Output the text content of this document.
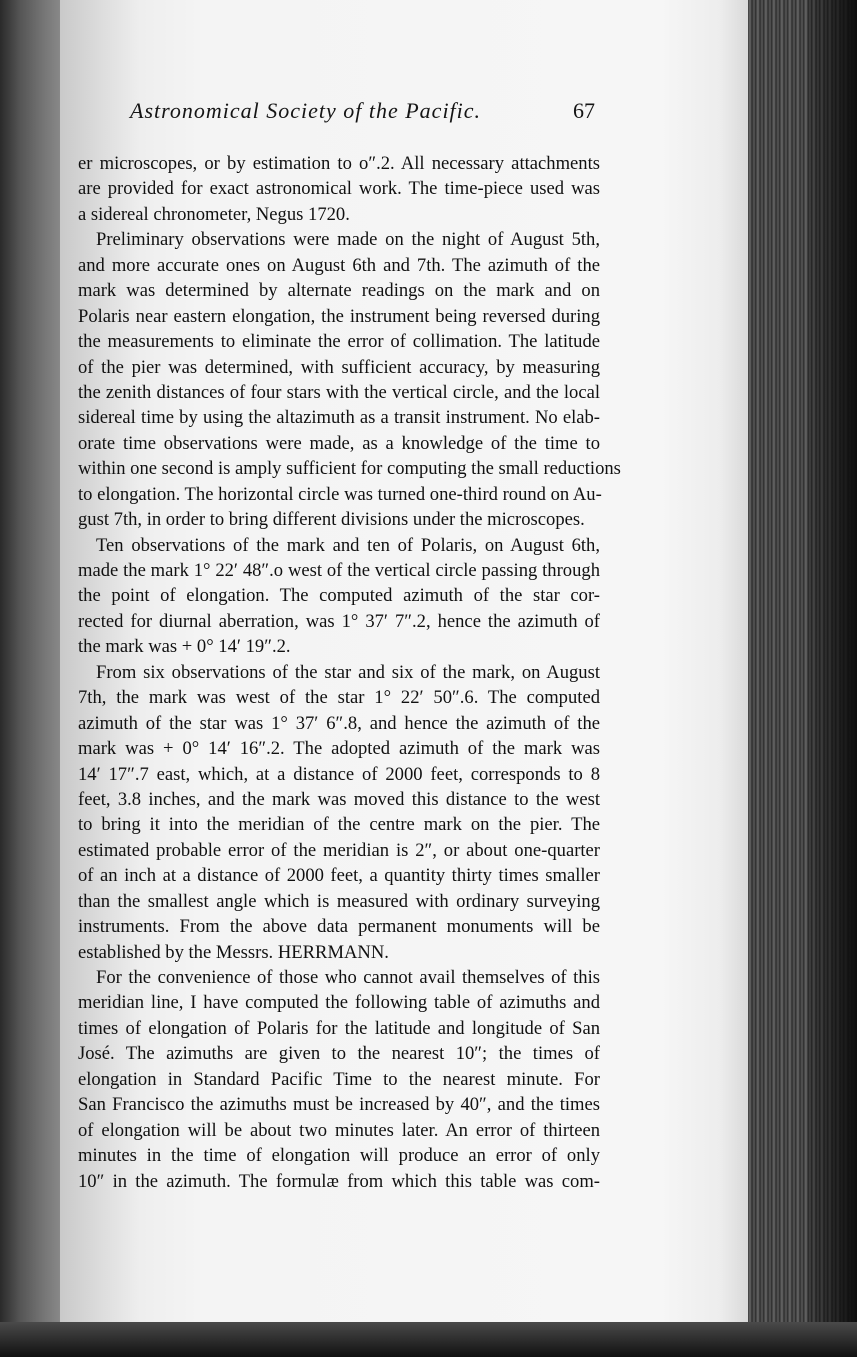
Astronomical Society of the Pacific.	67
er microscopes, or by estimation to o″.2. All necessary attachments
are provided for exact astronomical work. The time-piece used was
a sidereal chronometer, Negus 1720.
Preliminary observations were made on the night of August 5th,
and more accurate ones on August 6th and 7th. The azimuth of the
mark was determined by alternate readings on the mark and on
Polaris near eastern elongation, the instrument being reversed during
the measurements to eliminate the error of collimation. The latitude
of the pier was determined, with sufficient accuracy, by measuring
the zenith distances of four stars with the vertical circle, and the local
sidereal time by using the altazimuth as a transit instrument. No elab-
orate time observations were made, as a knowledge of the time to
within one second is amply sufficient for computing the small reductions
to elongation. The horizontal circle was turned one-third round on Au-
gust 7th, in order to bring different divisions under the microscopes.
Ten observations of the mark and ten of Polaris, on August 6th,
made the mark 1° 22′ 48″.o west of the vertical circle passing through
the point of elongation. The computed azimuth of the star cor-
rected for diurnal aberration, was 1° 37′ 7″.2, hence the azimuth of
the mark was + 0° 14′ 19″.2.
From six observations of the star and six of the mark, on August
7th, the mark was west of the star 1° 22′ 50″.6. The computed
azimuth of the star was 1° 37′ 6″.8, and hence the azimuth of the
mark was + 0° 14′ 16″.2. The adopted azimuth of the mark was
14′ 17″.7 east, which, at a distance of 2000 feet, corresponds to 8
feet, 3.8 inches, and the mark was moved this distance to the west
to bring it into the meridian of the centre mark on the pier. The
estimated probable error of the meridian is 2″, or about one-quarter
of an inch at a distance of 2000 feet, a quantity thirty times smaller
than the smallest angle which is measured with ordinary surveying
instruments. From the above data permanent monuments will be
established by the Messrs. HERRMANN.
For the convenience of those who cannot avail themselves of this
meridian line, I have computed the following table of azimuths and
times of elongation of Polaris for the latitude and longitude of San
José. The azimuths are given to the nearest 10″; the times of
elongation in Standard Pacific Time to the nearest minute. For
San Francisco the azimuths must be increased by 40″, and the times
of elongation will be about two minutes later. An error of thirteen
minutes in the time of elongation will produce an error of only
10″ in the azimuth. The formulæ from which this table was com-
